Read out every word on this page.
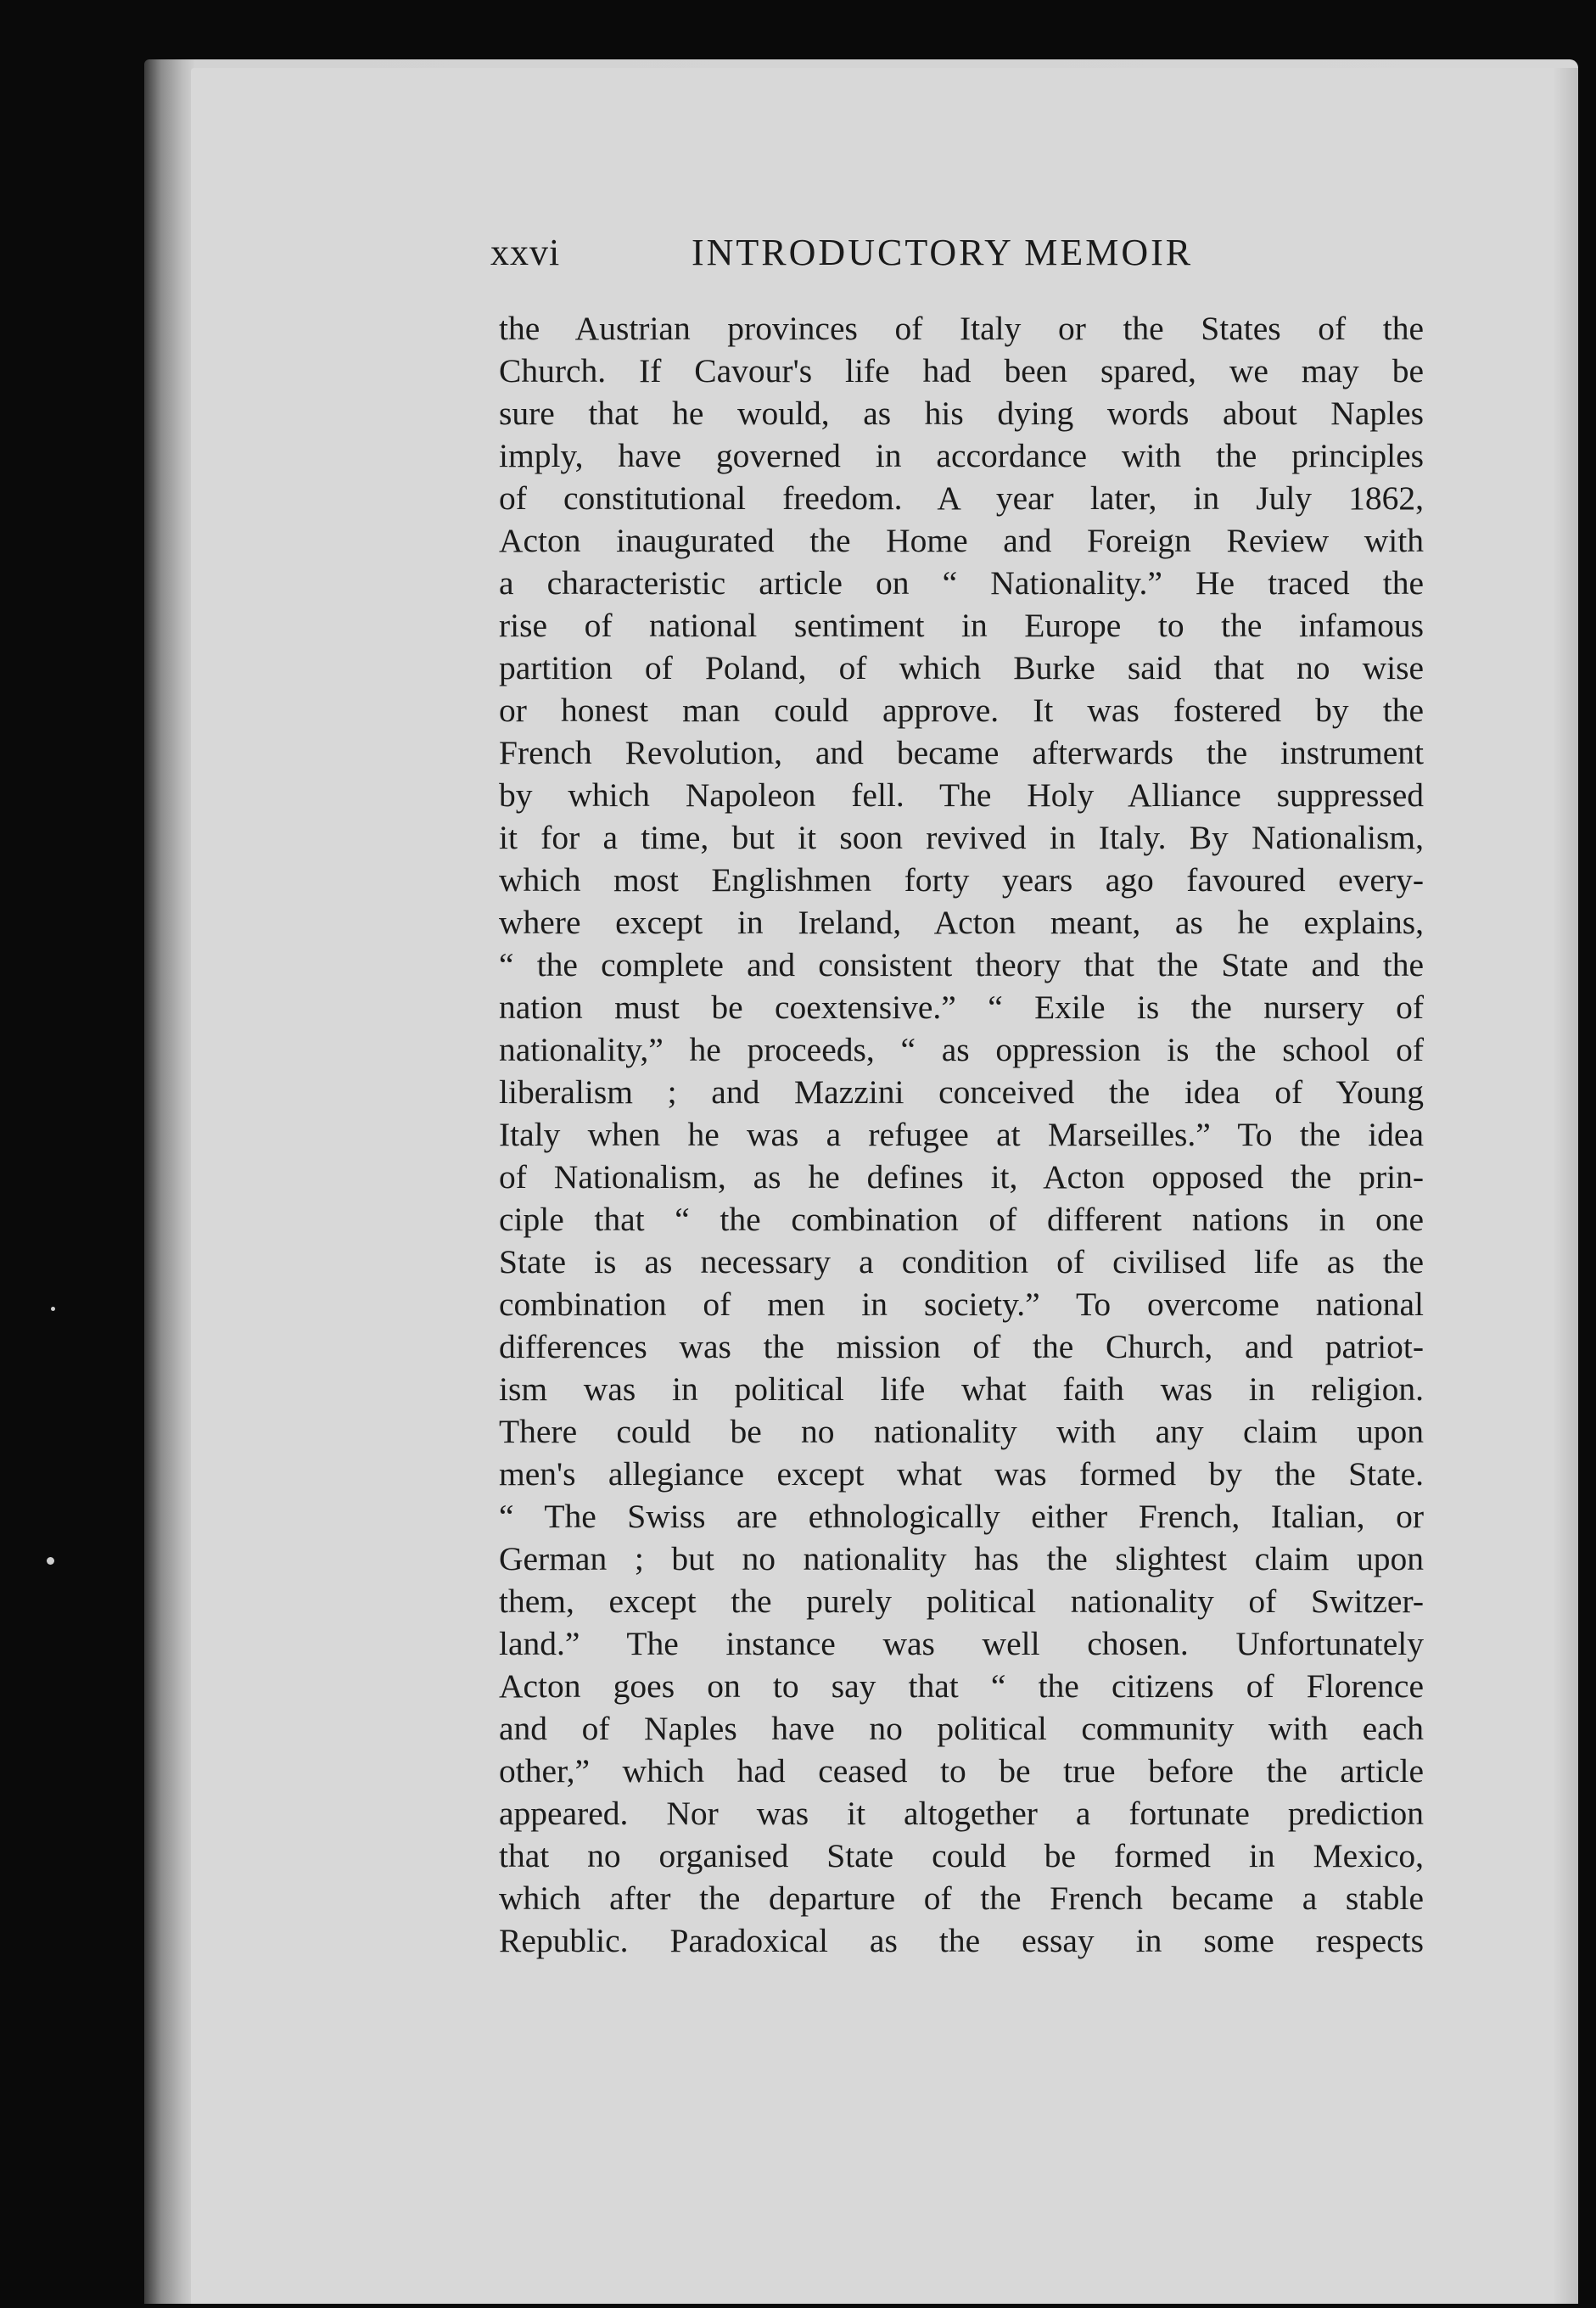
xxvi	INTRODUCTORY MEMOIR
the Austrian provinces of Italy or the States of the
Church. If Cavour's life had been spared, we may be
sure that he would, as his dying words about Naples
imply, have governed in accordance with the principles
of constitutional freedom. A year later, in July 1862,
Acton inaugurated the Home and Foreign Review with
a characteristic article on “ Nationality.” He traced the
rise of national sentiment in Europe to the infamous
partition of Poland, of which Burke said that no wise
or honest man could approve. It was fostered by the
French Revolution, and became afterwards the instrument
by which Napoleon fell. The Holy Alliance suppressed
it for a time, but it soon revived in Italy. By Nationalism,
which most Englishmen forty years ago favoured every-
where except in Ireland, Acton meant, as he explains,
“ the complete and consistent theory that the State and the
nation must be coextensive.” “ Exile is the nursery of
nationality,” he proceeds, “ as oppression is the school of
liberalism ; and Mazzini conceived the idea of Young
Italy when he was a refugee at Marseilles.” To the idea
of Nationalism, as he defines it, Acton opposed the prin-
ciple that “ the combination of different nations in one
State is as necessary a condition of civilised life as the
combination of men in society.” To overcome national
differences was the mission of the Church, and patriot-
ism was in political life what faith was in religion.
There could be no nationality with any claim upon
men's allegiance except what was formed by the State.
“ The Swiss are ethnologically either French, Italian, or
German ; but no nationality has the slightest claim upon
them, except the purely political nationality of Switzer-
land.” The instance was well chosen. Unfortunately
Acton goes on to say that “ the citizens of Florence
and of Naples have no political community with each
other,” which had ceased to be true before the article
appeared. Nor was it altogether a fortunate prediction
that no organised State could be formed in Mexico,
which after the departure of the French became a stable
Republic. Paradoxical as the essay in some respects
